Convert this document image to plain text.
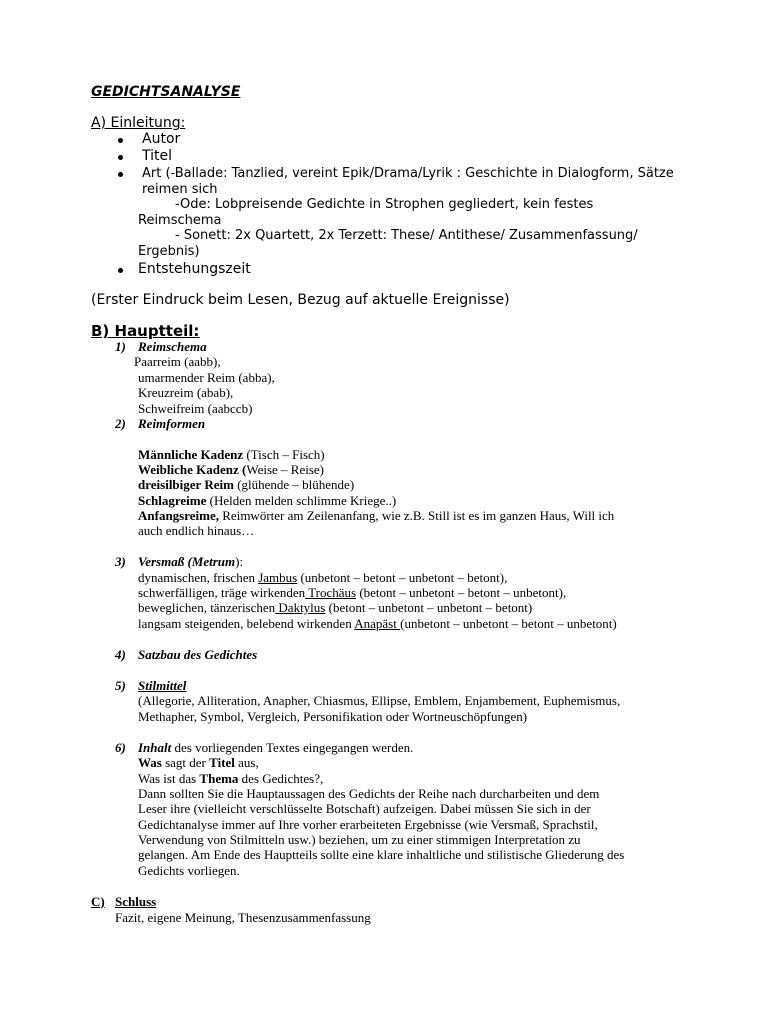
GEDICHTSANALYSE
A) Einleitung:
Autor
Titel
Art (-Ballade: Tanzlied, vereint Epik/Drama/Lyrik : Geschichte in Dialogform, Sätze
reimen sich
-Ode: Lobpreisende Gedichte in Strophen gegliedert, kein festes
Reimschema
- Sonett: 2x Quartett, 2x Terzett: These/ Antithese/ Zusammenfassung/
Ergebnis)
Entstehungszeit
(Erster Eindruck beim Lesen, Bezug auf aktuelle Ereignisse)
B) Hauptteil:
1) Reimschema
Paarreim (aabb),
umarmender Reim (abba),
Kreuzreim (abab),
Schweifreim (aabccb)
2) Reimformen
Männliche Kadenz (Tisch – Fisch)
Weibliche Kadenz (Weise – Reise)
dreisilbiger Reim (glühende – blühende)
Schlagreime (Helden melden schlimme Kriege..)
Anfangsreime, Reimwörter am Zeilenanfang, wie z.B. Still ist es im ganzen Haus, Will ich
auch endlich hinaus…
3) Versmaß (Metrum):
dynamischen, frischen Jambus (unbetont – betont – unbetont – betont),
schwerfälligen, träge wirkenden Trochäus (betont – unbetont – betont – unbetont),
beweglichen, tänzerischen Daktylus (betont – unbetont – unbetont – betont)
langsam steigenden, belebend wirkenden Anapäst (unbetont – unbetont – betont – unbetont)
4) Satzbau des Gedichtes
5) Stilmittel
(Allegorie, Alliteration, Anapher, Chiasmus, Ellipse, Emblem, Enjambement, Euphemismus,
Methapher, Symbol, Vergleich, Personifikation oder Wortneuschöpfungen)
6) Inhalt des vorliegenden Textes eingegangen werden.
Was sagt der Titel aus,
Was ist das Thema des Gedichtes?,
Dann sollten Sie die Hauptaussagen des Gedichts der Reihe nach durcharbeiten und dem
Leser ihre (vielleicht verschlüsselte Botschaft) aufzeigen. Dabei müssen Sie sich in der
Gedichtanalyse immer auf Ihre vorher erarbeiteten Ergebnisse (wie Versmaß, Sprachstil,
Verwendung von Stilmitteln usw.) beziehen, um zu einer stimmigen Interpretation zu
gelangen. Am Ende des Hauptteils sollte eine klare inhaltliche und stilistische Gliederung des
Gedichts vorliegen.
C) Schluss
Fazit, eigene Meinung, Thesenzusammenfassung
